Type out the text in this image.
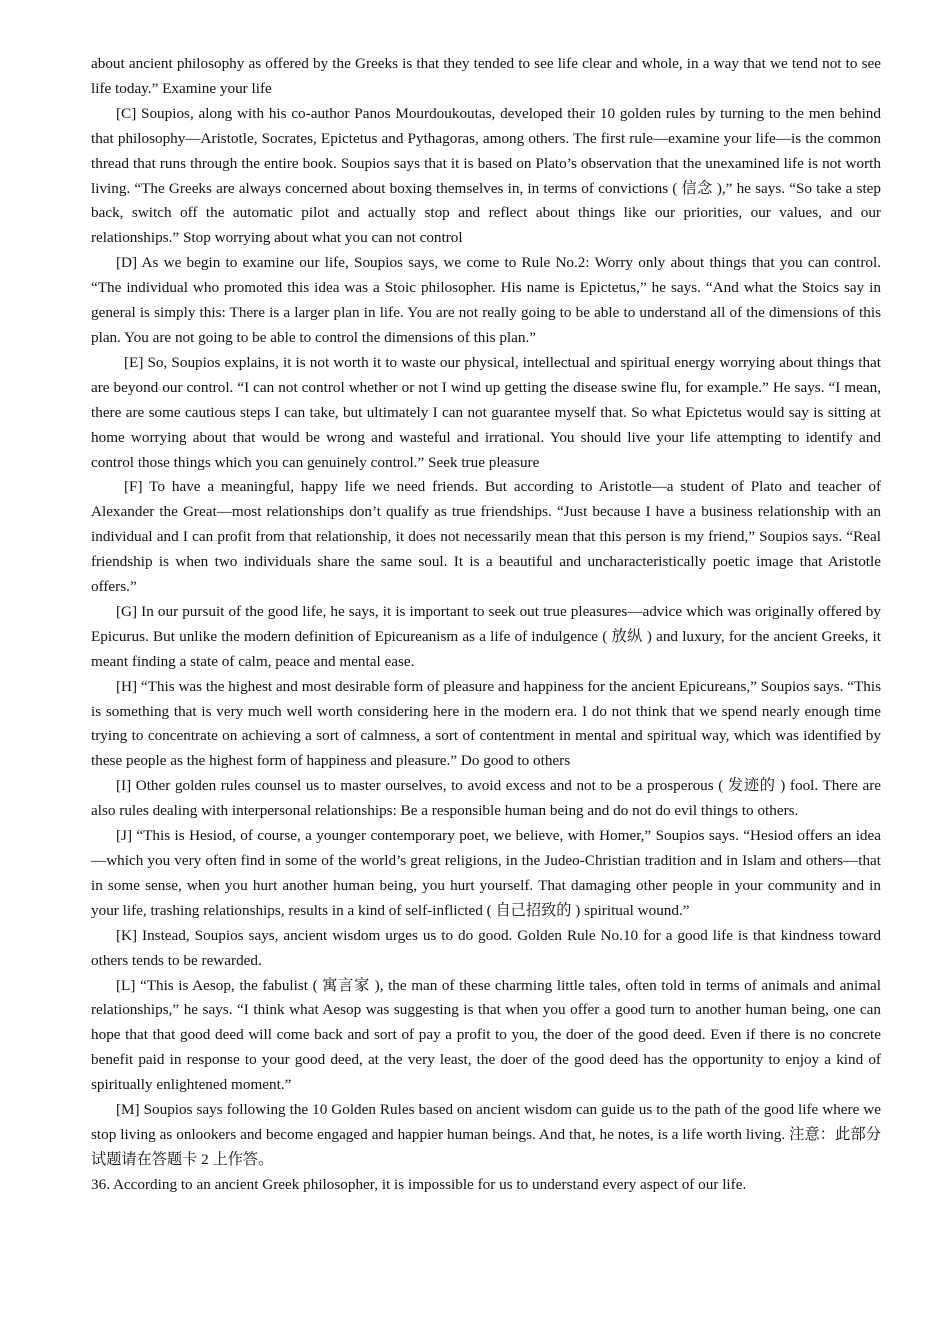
about ancient philosophy as offered by the Greeks is that they tended to see life clear and whole, in a way that we tend not to see life today.” Examine your life

[C] Soupios, along with his co-author Panos Mourdoukoutas, developed their 10 golden rules by turning to the men behind that philosophy—Aristotle, Socrates, Epictetus and Pythagoras, among others. The first rule—examine your life—is the common thread that runs through the entire book. Soupios says that it is based on Plato’s observation that the unexamined life is not worth living. “The Greeks are always concerned about boxing themselves in, in terms of convictions ( 信念 ),” he says. “So take a step back, switch off the automatic pilot and actually stop and reflect about things like our priorities, our values, and our relationships.” Stop worrying about what you can not control

[D] As we begin to examine our life, Soupios says, we come to Rule No.2: Worry only about things that you can control. “The individual who promoted this idea was a Stoic philosopher. His name is Epictetus,” he says. “And what the Stoics say in general is simply this: There is a larger plan in life. You are not really going to be able to understand all of the dimensions of this plan. You are not going to be able to control the dimensions of this plan.”

[E] So, Soupios explains, it is not worth it to waste our physical, intellectual and spiritual energy worrying about things that are beyond our control. “I can not control whether or not I wind up getting the disease swine flu, for example.” He says. “I mean, there are some cautious steps I can take, but ultimately I can not guarantee myself that. So what Epictetus would say is sitting at home worrying about that would be wrong and wasteful and irrational. You should live your life attempting to identify and control those things which you can genuinely control.” Seek true pleasure

[F] To have a meaningful, happy life we need friends. But according to Aristotle—a student of Plato and teacher of Alexander the Great—most relationships don’t qualify as true friendships. “Just because I have a business relationship with an individual and I can profit from that relationship, it does not necessarily mean that this person is my friend,” Soupios says. “Real friendship is when two individuals share the same soul. It is a beautiful and uncharacteristically poetic image that Aristotle offers.”

[G] In our pursuit of the good life, he says, it is important to seek out true pleasures—advice which was originally offered by Epicurus. But unlike the modern definition of Epicureanism as a life of indulgence ( 放纵 ) and luxury, for the ancient Greeks, it meant finding a state of calm, peace and mental ease.

[H] “This was the highest and most desirable form of pleasure and happiness for the ancient Epicureans,” Soupios says. “This is something that is very much well worth considering here in the modern era. I do not think that we spend nearly enough time trying to concentrate on achieving a sort of calmness, a sort of contentment in mental and spiritual way, which was identified by these people as the highest form of happiness and pleasure.” Do good to others

[I] Other golden rules counsel us to master ourselves, to avoid excess and not to be a prosperous ( 发迹的 ) fool. There are also rules dealing with interpersonal relationships: Be a responsible human being and do not do evil things to others.

[J] “This is Hesiod, of course, a younger contemporary poet, we believe, with Homer,” Soupios says. “Hesiod offers an idea—which you very often find in some of the world’s great religions, in the Judeo-Christian tradition and in Islam and others—that in some sense, when you hurt another human being, you hurt yourself. That damaging other people in your community and in your life, trashing relationships, results in a kind of self-inflicted ( 自己招致的 ) spiritual wound.”

[K] Instead, Soupios says, ancient wisdom urges us to do good. Golden Rule No.10 for a good life is that kindness toward others tends to be rewarded.

[L] “This is Aesop, the fabulist ( 寓言家 ), the man of these charming little tales, often told in terms of animals and animal relationships,” he says. “I think what Aesop was suggesting is that when you offer a good turn to another human being, one can hope that that good deed will come back and sort of pay a profit to you, the doer of the good deed. Even if there is no concrete benefit paid in response to your good deed, at the very least, the doer of the good deed has the opportunity to enjoy a kind of spiritually enlightened moment.”

[M] Soupios says following the 10 Golden Rules based on ancient wisdom can guide us to the path of the good life where we stop living as onlookers and become engaged and happier human beings. And that, he notes, is a life worth living. 注意：此部分试题请在答题卡 2 上作答。

36. According to an ancient Greek philosopher, it is impossible for us to understand every aspect of our life.
